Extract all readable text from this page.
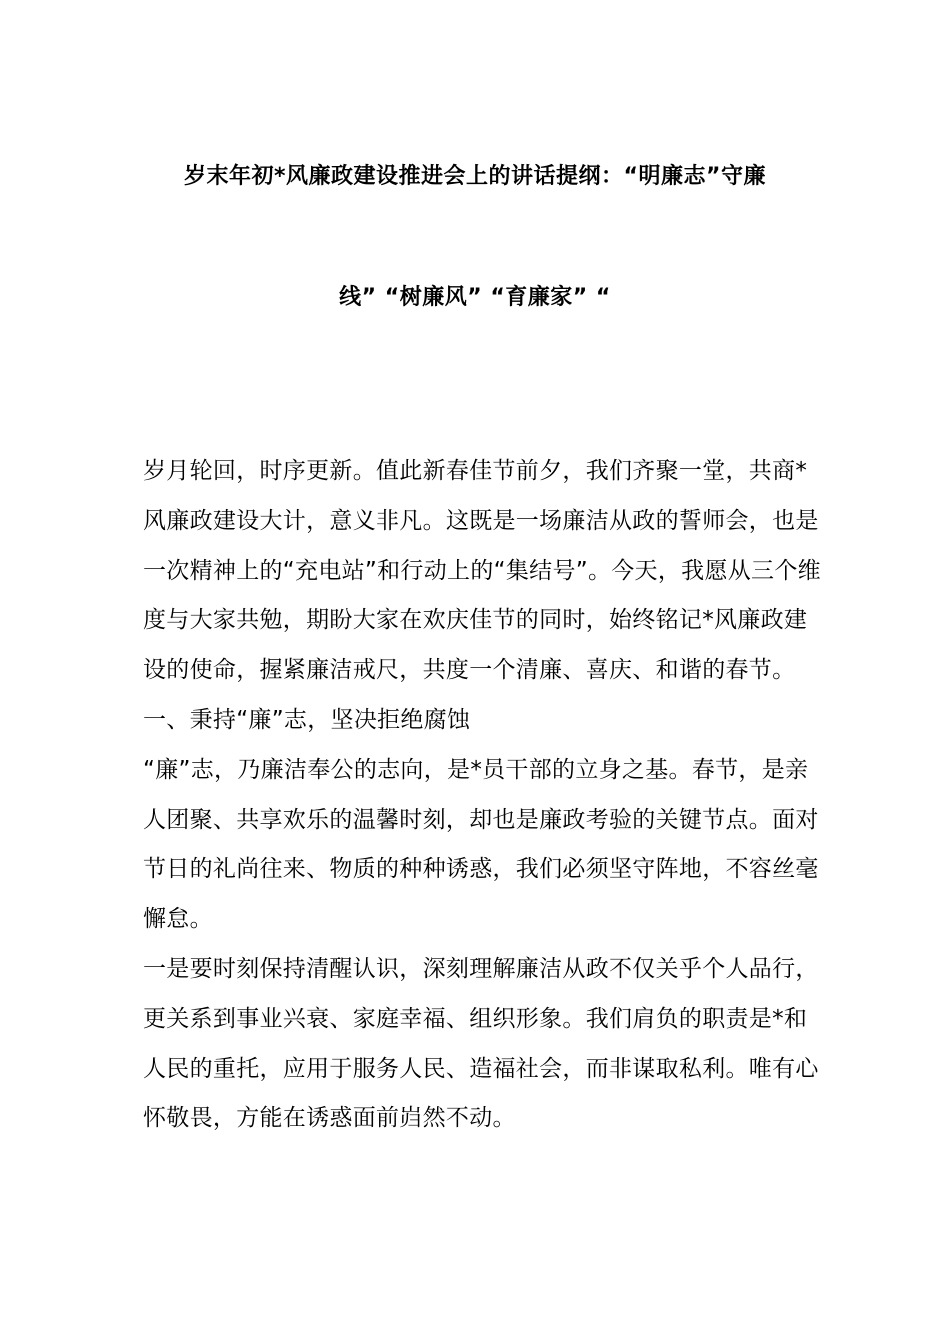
岁末年初*风廉政建设推进会上的讲话提纲：“明廉志”守廉
线” “树廉风” “育廉家” “

岁月轮回，时序更新。值此新春佳节前夕，我们齐聚一堂，共商*风廉政建设大计，意义非凡。这既是一场廉洁从政的誓师会，也是一次精神上的“充电站”和行动上的“集结号”。今天，我愿从三个维度与大家共勉，期盼大家在欢庆佳节的同时，始终铭记*风廉政建设的使命，握紧廉洁戒尺，共度一个清廉、喜庆、和谐的春节。

一、秉持“廉”志，坚决拒绝腐蚀

“廉”志，乃廉洁奉公的志向，是*员干部的立身之基。春节，是亲人团聚、共享欢乐的温馨时刻，却也是廉政考验的关键节点。面对节日的礼尚往来、物质的种种诱惑，我们必须坚守阵地，不容丝毫懈怠。

一是要时刻保持清醒认识，深刻理解廉洁从政不仅关乎个人品行，更关系到事业兴衰、家庭幸福、组织形象。我们肩负的职责是*和人民的重托，应用于服务人民、造福社会，而非谋取私利。唯有心怀敬畏，方能在诱惑面前岿然不动。
